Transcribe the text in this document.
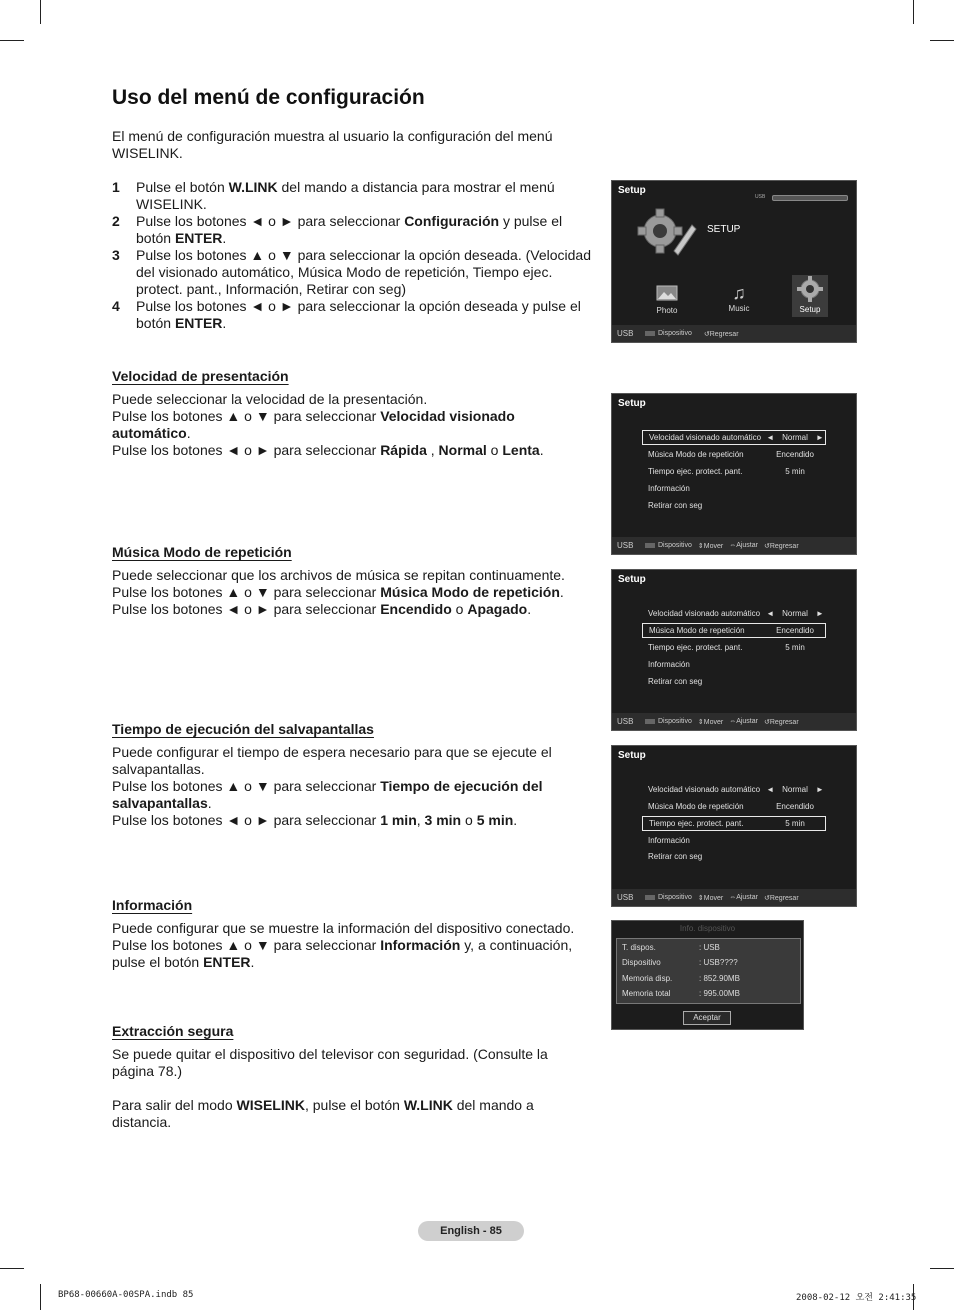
Uso del menú de configuración

El menú de configuración muestra al usuario la configuración del menú WISELINK.

1	Pulse el botón W.LINK del mando a distancia para mostrar el menú WISELINK.
2	Pulse los botones ◄ o ► para seleccionar Configuración y pulse el botón ENTER.
3	Pulse los botones ▲ o ▼ para seleccionar la opción deseada. (Velocidad del visionado automático, Música Modo de repetición, Tiempo ejec. protect. pant., Información, Retirar con seg)
4	Pulse los botones ◄ o ► para seleccionar la opción deseada y pulse el botón ENTER.

Velocidad de presentación

Puede seleccionar la velocidad de la presentación.

Pulse los botones ▲ o ▼ para seleccionar Velocidad visionado automático.

Pulse los botones ◄ o ► para seleccionar Rápida , Normal o Lenta.

Música Modo de repetición

Puede seleccionar que los archivos de música se repitan continuamente.

Pulse los botones ▲ o ▼ para seleccionar Música Modo de repetición.

Pulse los botones ◄ o ► para seleccionar Encendido o Apagado.

Tiempo de ejecución del salvapantallas

Puede configurar el tiempo de espera necesario para que se ejecute el salvapantallas.

Pulse los botones ▲ o ▼ para seleccionar Tiempo de ejecución del salvapantallas.

Pulse los botones ◄ o ► para seleccionar 1 min, 3 min o 5 min.

Información

Puede configurar que se muestre la información del dispositivo conectado.

Pulse los botones ▲ o ▼ para seleccionar Información y, a continuación, pulse el botón ENTER.

Extracción segura

Se puede quitar el dispositivo del televisor con seguridad. (Consulte la página 78.)

Para salir del modo WISELINK, pulse el botón W.LINK del mando a distancia.

Setup
USB
SETUP
Photo
♫
Music	Setup
USB	Dispositivo ↺Regresar
Setup
Velocidad visionado automático ◄ Normal ►
Música Modo de repetición	Encendido
Tiempo ejec. protect. pant.	5 min
Información
Retirar con seg
USB	Dispositivo ⇕Mover ⇔Ajustar ↺Regresar
Setup
Velocidad visionado automático ◄ Normal ►
Música Modo de repetición	Encendido
Tiempo ejec. protect. pant.	5 min
Información
Retirar con seg
USB	Dispositivo ⇕Mover ⇔Ajustar ↺Regresar
Setup
Velocidad visionado automático ◄ Normal ►
Música Modo de repetición	Encendido
Tiempo ejec. protect. pant.	5 min
Información
Retirar con seg
USB	Dispositivo ⇕Mover ⇔Ajustar ↺Regresar
Info. dispositivo
T. dispos.	: USB
Dispositivo	: USB????
Memoria disp.	: 852.90MB
Memoria total	: 995.00MB
Aceptar
English - 85
BP68-00660A-00SPA.indb 85	2008-02-12 오전 2:41:35
